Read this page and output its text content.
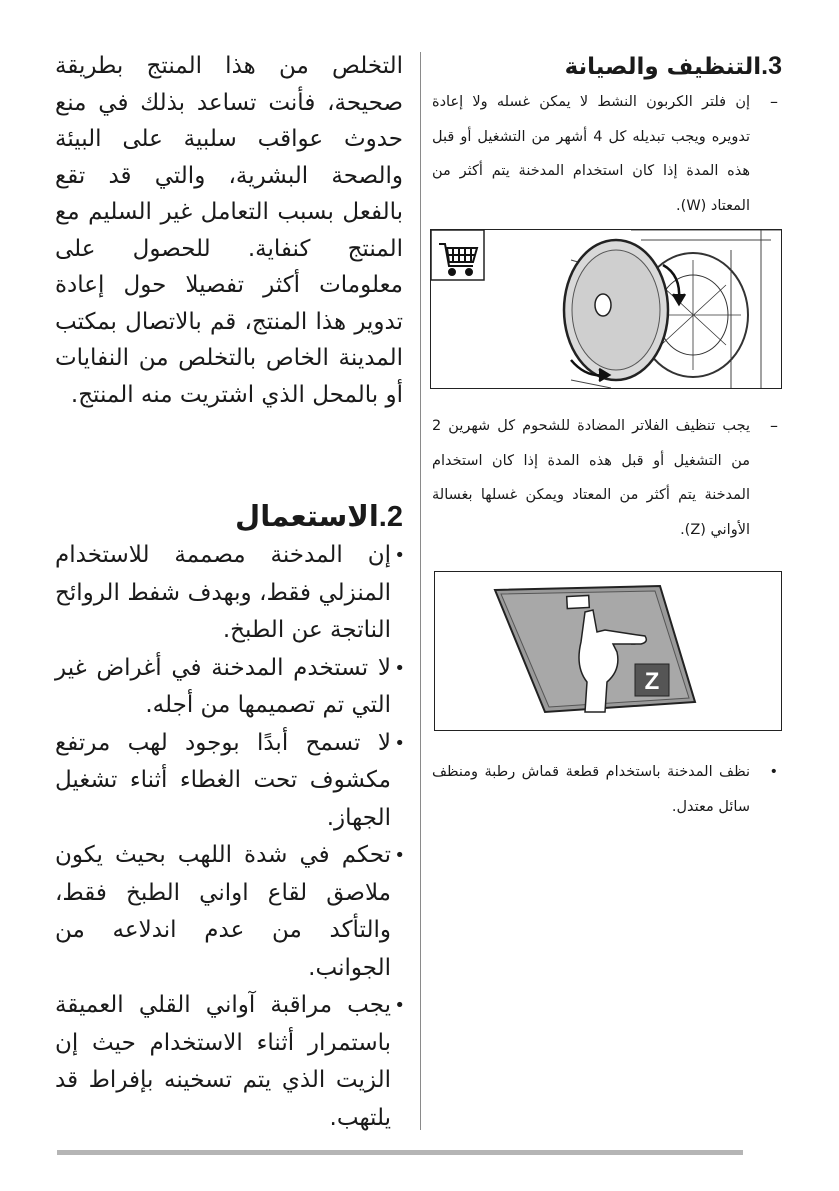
3.التنظيف والصيانة
–
إن فلتر الكربون النشط لا يمكن غسله ولا إعادة تدويره ويجب تبديله كل 4 أشهر من التشغيل أو قبل هذه المدة إذا كان استخدام المدخنة يتم أكثر من المعتاد (W).
–
يجب تنظيف الفلاتر المضادة للشحوم كل شهرين 2 من التشغيل أو قبل هذه المدة إذا كان استخدام المدخنة يتم أكثر من المعتاد ويمكن غسلها بغسالة الأواني (Z).
Z
•
نظف المدخنة باستخدام قطعة قماش رطبة ومنظف سائل معتدل.

التخلص من هذا المنتج بطريقة صحيحة، فأنت تساعد بذلك في منع حدوث عواقب سلبية على البيئة والصحة البشرية، والتي قد تقع بالفعل بسبب التعامل غير السليم مع المنتج كنفاية. للحصول على معلومات أكثر تفصيلا حول إعادة تدوير هذا المنتج، قم بالاتصال بمكتب المدينة الخاص بالتخلص من النفايات أو بالمحل الذي اشتريت منه المنتج.

2.الاستعمال
•
إن المدخنة مصممة للاستخدام المنزلي فقط، وبهدف شفط الروائح الناتجة عن الطبخ.
•
لا تستخدم المدخنة في أغراض غير التي تم تصميمها من أجله.
•
لا تسمح أبدًا بوجود لهب مرتفع مكشوف تحت الغطاء أثناء تشغيل الجهاز.
•
تحكم في شدة اللهب بحيث يكون ملاصق لقاع اواني الطبخ فقط، والتأكد من عدم اندلاعه من الجوانب.
•
يجب مراقبة آواني القلي العميقة باستمرار أثناء الاستخدام حيث إن الزيت الذي يتم تسخينه بإفراط قد يلتهب.
